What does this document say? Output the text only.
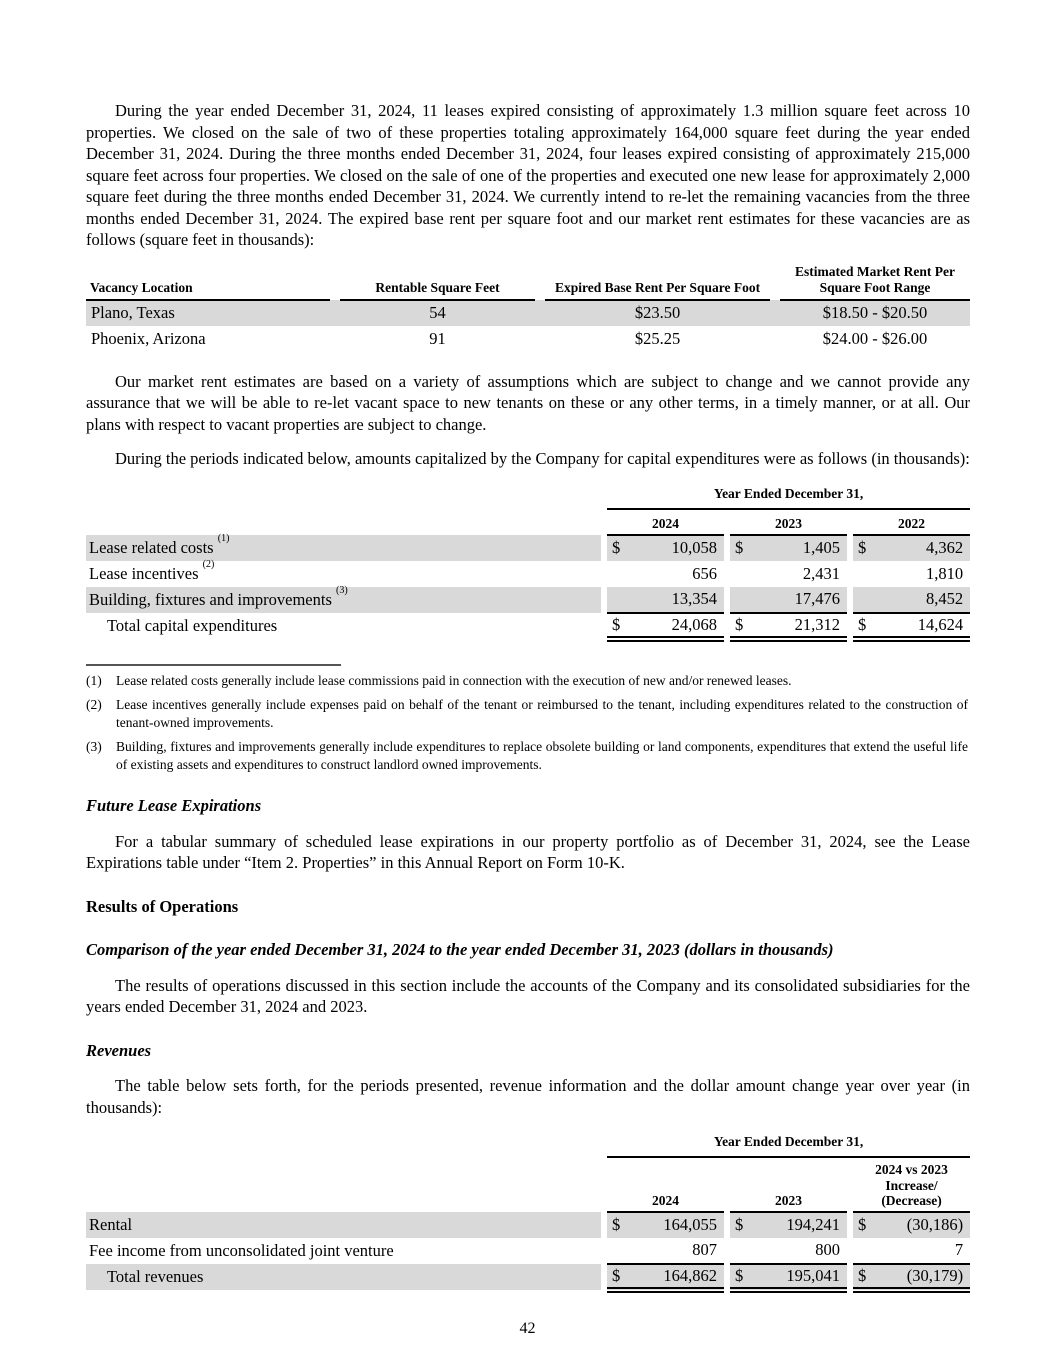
During the year ended December 31, 2024, 11 leases expired consisting of approximately 1.3 million square feet across 10 properties. We closed on the sale of two of these properties totaling approximately 164,000 square feet during the year ended December 31, 2024. During the three months ended December 31, 2024, four leases expired consisting of approximately 215,000 square feet across four properties. We closed on the sale of one of the properties and executed one new lease for approximately 2,000 square feet during the three months ended December 31, 2024. We currently intend to re-let the remaining vacancies from the three months ended December 31, 2024. The expired base rent per square foot and our market rent estimates for these vacancies are as follows (square feet in thousands):

Vacancy Location		Rentable Square Feet		Expired Base Rent Per Square Foot		Estimated Market Rent Per Square Foot Range
Plano, Texas		54		$23.50		$18.50 - $20.50
Phoenix, Arizona		91		$25.25		$24.00 - $26.00

Our market rent estimates are based on a variety of assumptions which are subject to change and we cannot provide any assurance that we will be able to re-let vacant space to new tenants on these or any other terms, in a timely manner, or at all. Our plans with respect to vacant properties are subject to change.

During the periods indicated below, amounts capitalized by the Company for capital expenditures were as follows (in thousands):

		Year Ended December 31,							
		2024			2023			2022	
Lease related costs $^{(1)}$		$	10,058		$	1,405		$	4,362
Lease incentives $^{(2)}$			656			2,431			1,810
Building, fixtures and improvements $^{(3)}$			13,354			17,476			8,452
Total capital expenditures		$	24,068		$	21,312		$	14,624
(1)	Lease related costs generally include lease commissions paid in connection with the execution of new and/or renewed leases.
(2)	Lease incentives generally include expenses paid on behalf of the tenant or reimbursed to the tenant, including expenditures related to the construction of tenant-owned improvements.
(3)	Building, fixtures and improvements generally include expenditures to replace obsolete building or land components, expenditures that extend the useful life of existing assets and expenditures to construct landlord owned improvements.
Future Lease Expirations

For a tabular summary of scheduled lease expirations in our property portfolio as of December 31, 2024, see the Lease Expirations table under “Item 2. Properties” in this Annual Report on Form 10-K.

Results of Operations
Comparison of the year ended December 31, 2024 to the year ended December 31, 2023 (dollars in thousands)

The results of operations discussed in this section include the accounts of the Company and its consolidated subsidiaries for the years ended December 31, 2024 and 2023.

Revenues

The table below sets forth, for the periods presented, revenue information and the dollar amount change year over year (in thousands):

		Year Ended December 31,							
		2024			2023			2024 vs 2023
Increase/
(Decrease)	

Rental		$	164,055		$	194,241		$	(30,186)
Fee income from unconsolidated joint venture			807			800			7
Total revenues		$	164,862		$	195,041		$	(30,179)
42
